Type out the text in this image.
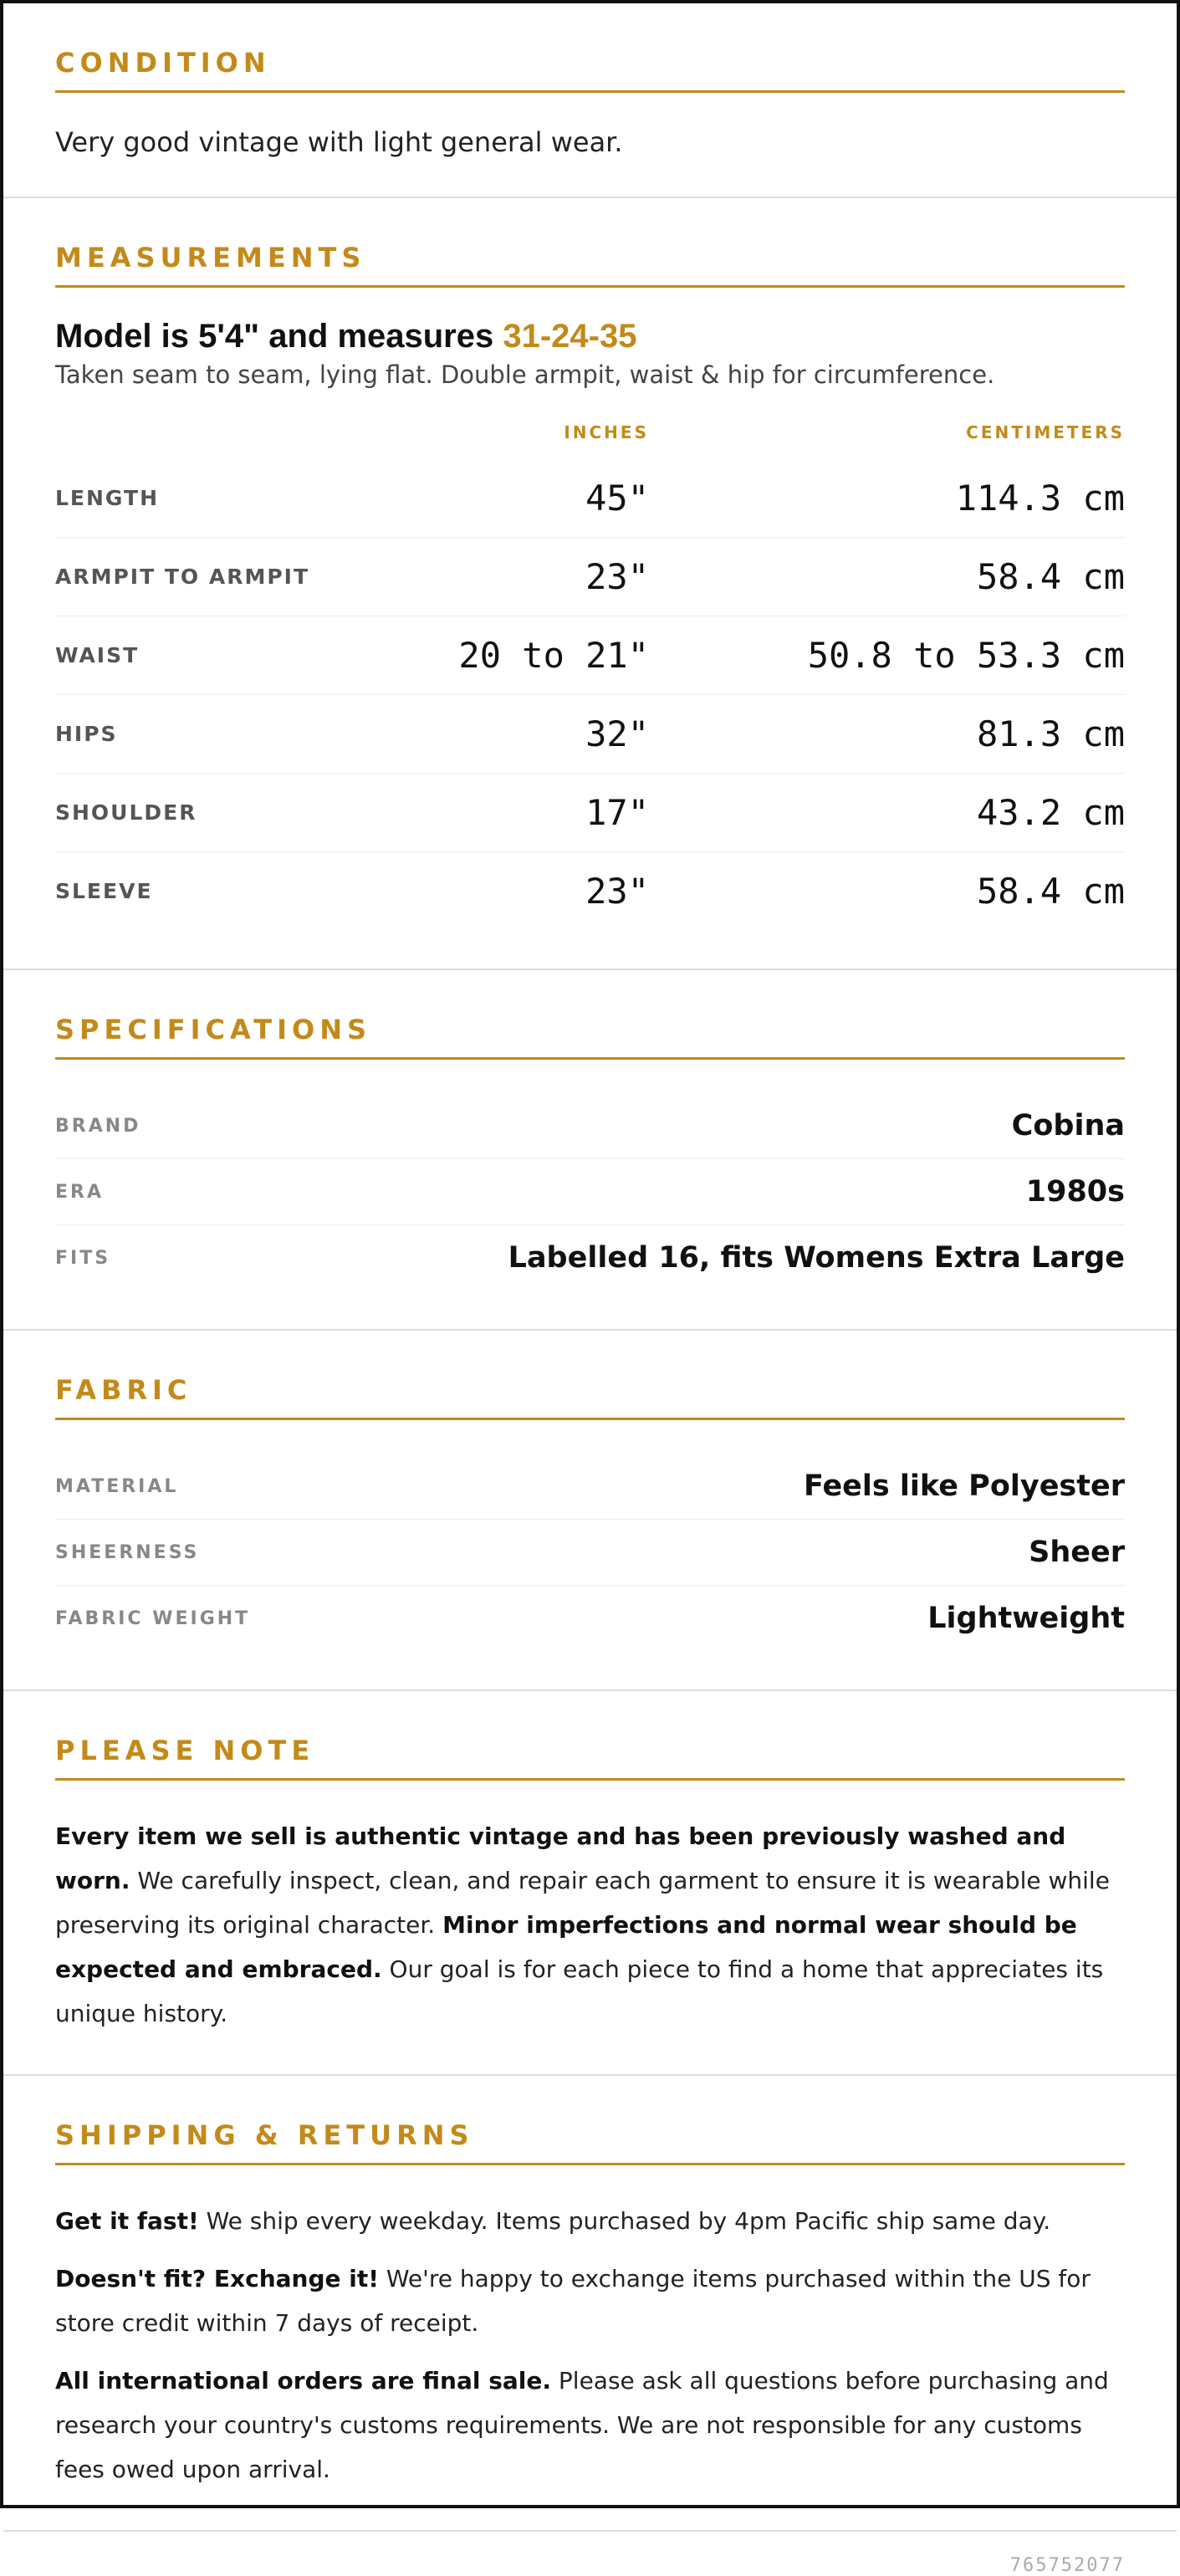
CONDITION
Very good vintage with light general wear.
MEASUREMENTS
Model is 5'4" and measures 31-24-35
Taken seam to seam, lying flat. Double armpit, waist & hip for circumference.
INCHES	CENTIMETERS
LENGTH	45"	114.3 cm
ARMPIT TO ARMPIT	23"	58.4 cm
WAIST	20 to 21"	50.8 to 53.3 cm
HIPS	32"	81.3 cm
SHOULDER	17"	43.2 cm
SLEEVE	23"	58.4 cm
SPECIFICATIONS
BRAND	Cobina
ERA	1980s
FITS	Labelled 16, fits Womens Extra Large
FABRIC
MATERIAL	Feels like Polyester
SHEERNESS	Sheer
FABRIC WEIGHT	Lightweight
PLEASE NOTE

Every item we sell is authentic vintage and has been previously washed and worn. We carefully inspect, clean, and repair each garment to ensure it is wearable while preserving its original character. Minor imperfections and normal wear should be expected and embraced. Our goal is for each piece to find a home that appreciates its unique history.

SHIPPING & RETURNS

Get it fast! We ship every weekday. Items purchased by 4pm Pacific ship same day.

Doesn't fit? Exchange it! We're happy to exchange items purchased within the US for store credit within 7 days of receipt.

All international orders are final sale. Please ask all questions before purchasing and research your country's customs requirements. We are not responsible for any customs fees owed upon arrival.

765752077
